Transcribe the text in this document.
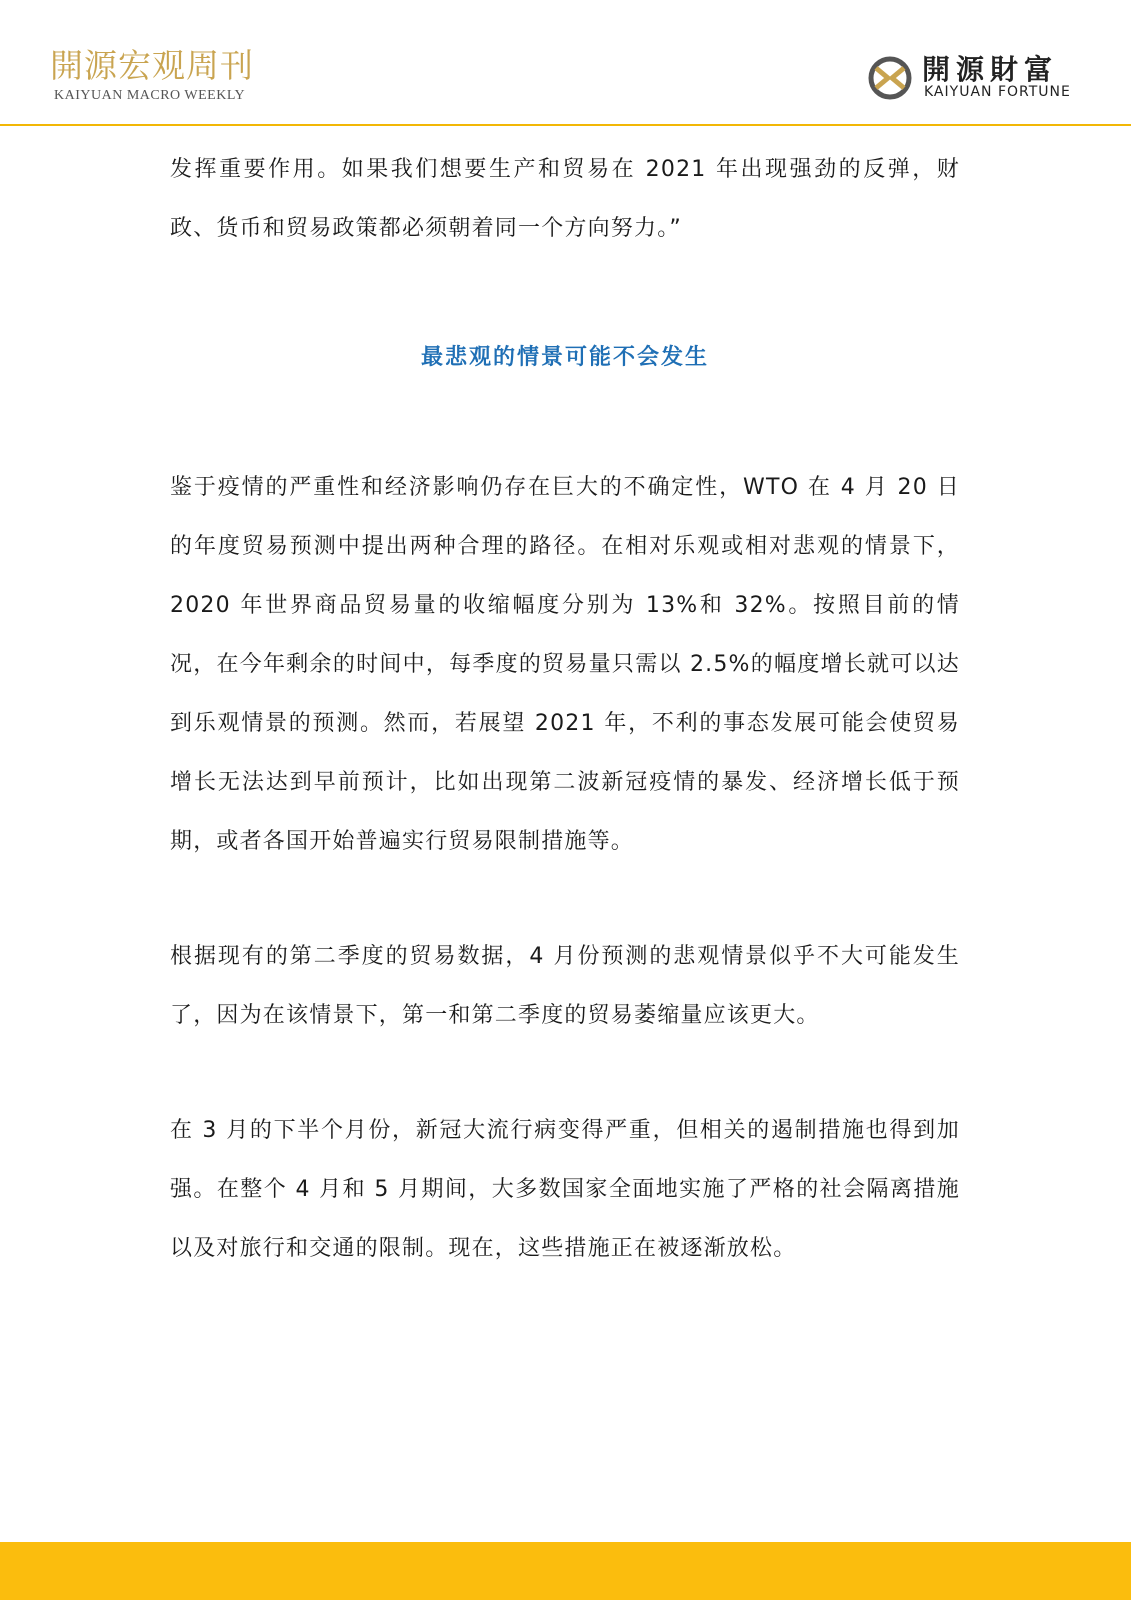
開源宏观周刊
KAIYUAN MACRO WEEKLY
開源財富
KAIYUAN FORTUNE

发挥重要作用。如果我们想要生产和贸易在 2021 年出现强劲的反弹，财政、货币和贸易政策都必须朝着同一个方向努力。”

最悲观的情景可能不会发生

鉴于疫情的严重性和经济影响仍存在巨大的不确定性，WTO 在 4 月 20 日的年度贸易预测中提出两种合理的路径。在相对乐观或相对悲观的情景下，2020 年世界商品贸易量的收缩幅度分别为 13%和 32%。按照目前的情况，在今年剩余的时间中，每季度的贸易量只需以 2.5%的幅度增长就可以达到乐观情景的预测。然而，若展望 2021 年，不利的事态发展可能会使贸易增长无法达到早前预计，比如出现第二波新冠疫情的暴发、经济增长低于预期，或者各国开始普遍实行贸易限制措施等。

根据现有的第二季度的贸易数据，4 月份预测的悲观情景似乎不大可能发生了，因为在该情景下，第一和第二季度的贸易萎缩量应该更大。

在 3 月的下半个月份，新冠大流行病变得严重，但相关的遏制措施也得到加强。在整个 4 月和 5 月期间，大多数国家全面地实施了严格的社会隔离措施以及对旅行和交通的限制。现在，这些措施正在被逐渐放松。
